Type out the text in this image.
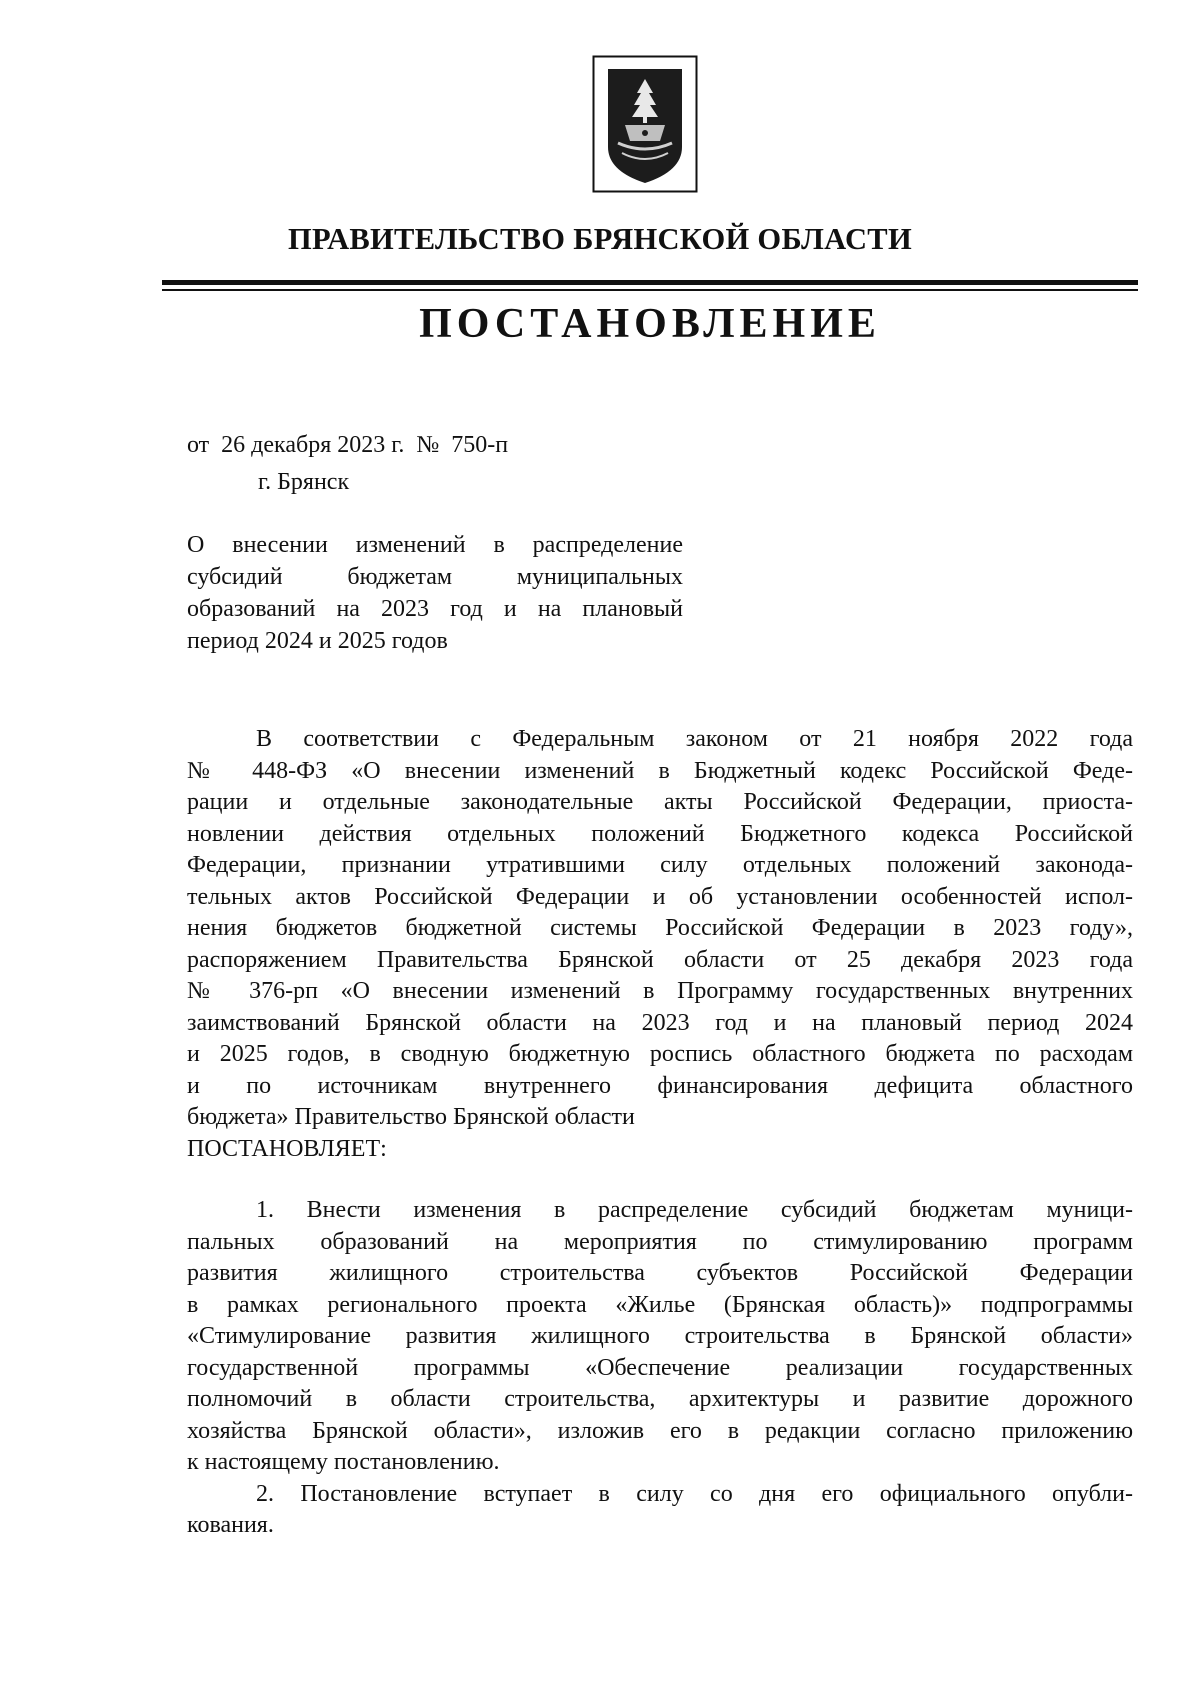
ПРАВИТЕЛЬСТВО БРЯНСКОЙ ОБЛАСТИ
ПОСТАНОВЛЕНИЕ
от  26 декабря 2023 г.  №  750-п
г. Брянск
О внесении изменений в распределение
субсидий бюджетам муниципальных
образований на 2023 год и на плановый
период 2024 и 2025 годов
В соответствии с Федеральным законом от 21 ноября 2022 года
№ 448-ФЗ «О внесении изменений в Бюджетный кодекс Российской Феде-
рации и отдельные законодательные акты Российской Федерации, приоста-
новлении действия отдельных положений Бюджетного кодекса Российской
Федерации, признании утратившими силу отдельных положений законода-
тельных актов Российской Федерации и об установлении особенностей испол-
нения бюджетов бюджетной системы Российской Федерации в 2023 году»,
распоряжением Правительства Брянской области от 25 декабря 2023 года
№ 376-рп «О внесении изменений в Программу государственных внутренних
заимствований Брянской области на 2023 год и на плановый период 2024
и 2025 годов, в сводную бюджетную роспись областного бюджета по расходам
и по источникам внутреннего финансирования дефицита областного
бюджета» Правительство Брянской области
ПОСТАНОВЛЯЕТ:
1. Внести изменения в распределение субсидий бюджетам муници-
пальных образований на мероприятия по стимулированию программ
развития жилищного строительства субъектов Российской Федерации
в рамках регионального проекта «Жилье (Брянская область)» подпрограммы
«Стимулирование развития жилищного строительства в Брянской области»
государственной программы «Обеспечение реализации государственных
полномочий в области строительства, архитектуры и развитие дорожного
хозяйства Брянской области», изложив его в редакции согласно приложению
к настоящему постановлению.
2. Постановление вступает в силу со дня его официального опубли-
кования.
